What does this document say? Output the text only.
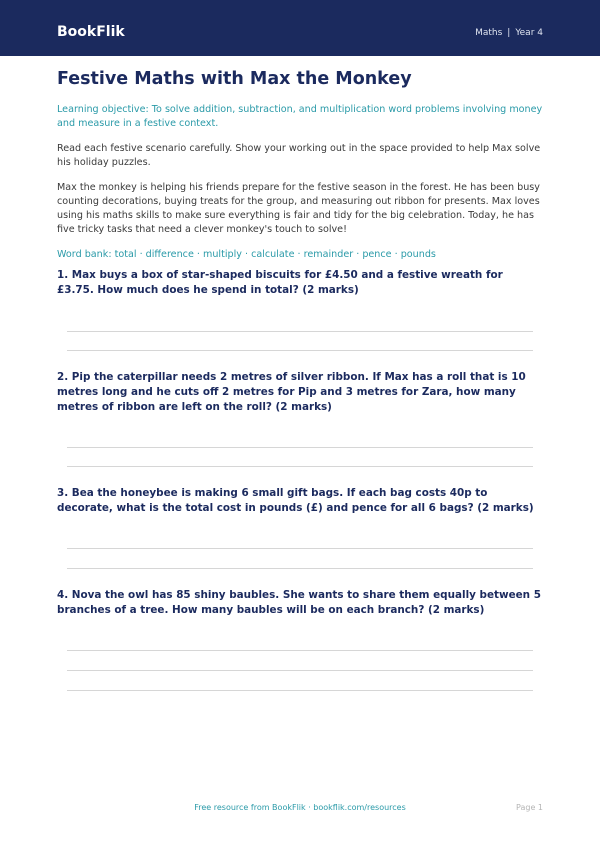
BookFlik	Maths | Year 4
Festive Maths with Max the Monkey

Learning objective: To solve addition, subtraction, and multiplication word problems involving money and measure in a festive context.

Read each festive scenario carefully. Show your working out in the space provided to help Max solve his holiday puzzles.

Max the monkey is helping his friends prepare for the festive season in the forest. He has been busy counting decorations, buying treats for the group, and measuring out ribbon for presents. Max loves using his maths skills to make sure everything is fair and tidy for the big celebration. Today, he has five tricky tasks that need a clever monkey's touch to solve!

Word bank: total · difference · multiply · calculate · remainder · pence · pounds

1. Max buys a box of star-shaped biscuits for £4.50 and a festive wreath for £3.75. How much does he spend in total? (2 marks)

2. Pip the caterpillar needs 2 metres of silver ribbon. If Max has a roll that is 10 metres long and he cuts off 2 metres for Pip and 3 metres for Zara, how many metres of ribbon are left on the roll? (2 marks)

3. Bea the honeybee is making 6 small gift bags. If each bag costs 40p to decorate, what is the total cost in pounds (£) and pence for all 6 bags? (2 marks)

4. Nova the owl has 85 shiny baubles. She wants to share them equally between 5 branches of a tree. How many baubles will be on each branch? (2 marks)

Free resource from BookFlik · bookflik.com/resources	Page 1
